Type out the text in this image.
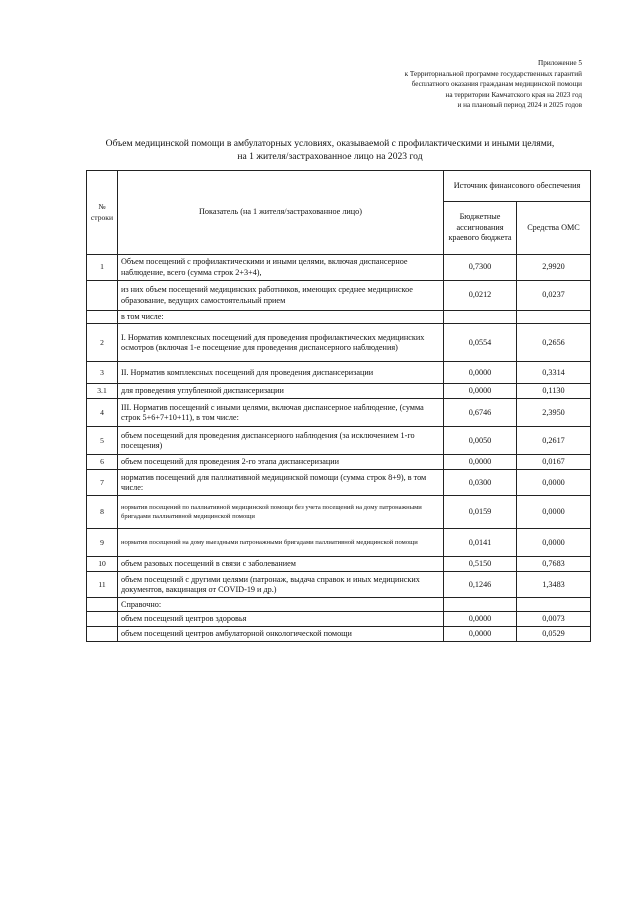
Приложение 5
к Территориальной программе государственных гарантий
бесплатного оказания гражданам медицинской помощи
на территории Камчатского края на 2023 год
и на плановый период 2024 и 2025 годов
Объем медицинской помощи в амбулаторных условиях, оказываемой с профилактическими и иными целями,
на 1 жителя/застрахованное лицо на 2023 год
№ строки	Показатель (на 1 жителя/застрахованное лицо)	Источник финансового обеспечения	
		Бюджетные ассигнования краевого бюджета	Средства ОМС
1	Объем посещений с профилактическими и иными целями, включая диспансерное наблюдение, всего (сумма строк 2+3+4),	0,7300	2,9920
	из них объем посещений медицинских работников, имеющих среднее медицинское образование, ведущих самостоятельный прием	0,0212	0,0237
	в том числе:		
2	I. Норматив комплексных посещений для проведения профилактических медицинских осмотров (включая 1-е посещение для проведения диспансерного наблюдения)	0,0554	0,2656
3	II. Норматив комплексных посещений для проведения диспансеризации	0,0000	0,3314
3.1	для проведения углубленной диспансеризации	0,0000	0,1130
4	III. Норматив посещений с иными целями, включая диспансерное наблюдение, (сумма строк 5+6+7+10+11), в том числе:	0,6746	2,3950
5	объем посещений для проведения диспансерного наблюдения (за исключением 1-го посещения)	0,0050	0,2617
6	объем посещений для проведения 2-го этапа диспансеризации	0,0000	0,0167
7	норматив посещений для паллиативной медицинской помощи (сумма строк 8+9), в том числе:	0,0300	0,0000
8	норматив посещений по паллиативной медицинской помощи без учета посещений на дому патронажными бригадами паллиативной медицинской помощи	0,0159	0,0000
9	норматив посещений на дому выездными патронажными бригадами паллиативной медицинской помощи	0,0141	0,0000
10	объем разовых посещений в связи с заболеванием	0,5150	0,7683
11	объем посещений с другими целями (патронаж, выдача справок и иных медицинских документов, вакцинация от COVID-19 и др.)	0,1246	1,3483
	Справочно:		
	объем посещений центров здоровья	0,0000	0,0073
	объем посещений центров амбулаторной онкологической помощи	0,0000	0,0529
